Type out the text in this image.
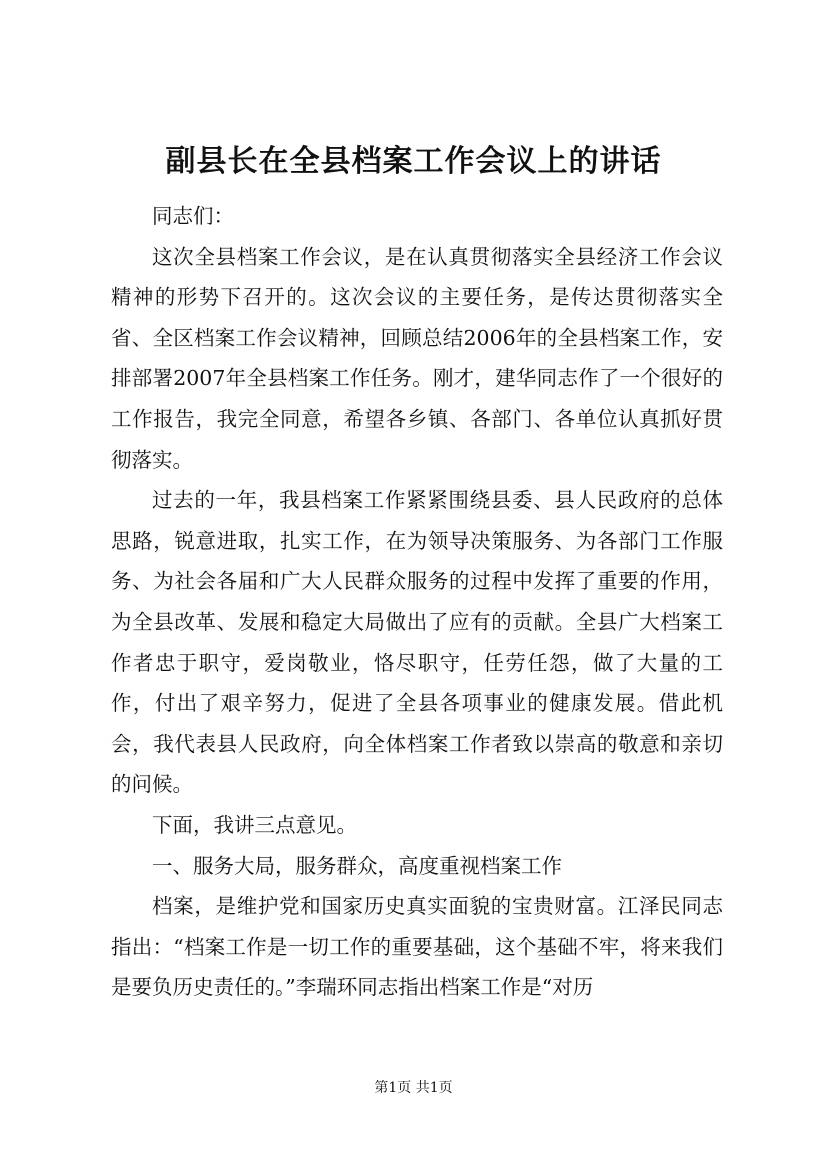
副县长在全县档案工作会议上的讲话

同志们：

这次全县档案工作会议，是在认真贯彻落实全县经济工作会议精神的形势下召开的。这次会议的主要任务，是传达贯彻落实全省、全区档案工作会议精神，回顾总结2006年的全县档案工作，安排部署2007年全县档案工作任务。刚才，建华同志作了一个很好的工作报告，我完全同意，希望各乡镇、各部门、各单位认真抓好贯彻落实。

过去的一年，我县档案工作紧紧围绕县委、县人民政府的总体思路，锐意进取，扎实工作，在为领导决策服务、为各部门工作服务、为社会各届和广大人民群众服务的过程中发挥了重要的作用，为全县改革、发展和稳定大局做出了应有的贡献。全县广大档案工作者忠于职守，爱岗敬业，恪尽职守，任劳任怨，做了大量的工作，付出了艰辛努力，促进了全县各项事业的健康发展。借此机会，我代表县人民政府，向全体档案工作者致以崇高的敬意和亲切的问候。

下面，我讲三点意见。

一、服务大局，服务群众，高度重视档案工作

档案，是维护党和国家历史真实面貌的宝贵财富。江泽民同志指出：“档案工作是一切工作的重要基础，这个基础不牢，将来我们是要负历史责任的。”李瑞环同志指出档案工作是“对历

第1页 共1页
